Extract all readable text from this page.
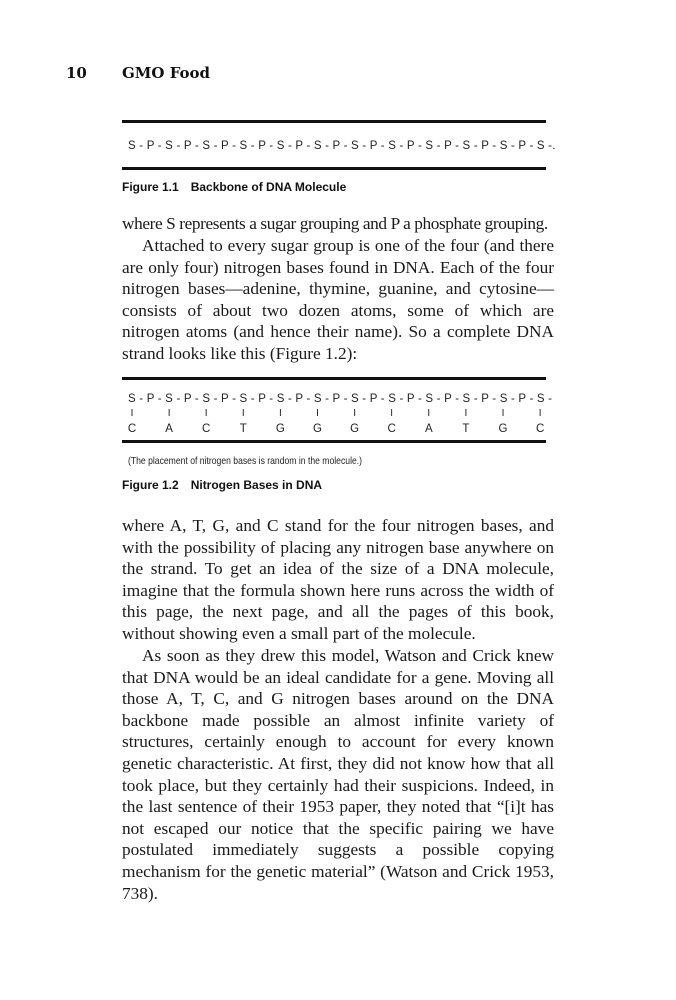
10 GMO Food
S - P - S - P - S - P - S - P - S - P - S - P - S - P - S - P - S - P - S - P - S - P - S -.
Figure 1.1 Backbone of DNA Molecule

where S represents a sugar grouping and P a phosphate grouping.

Attached to every sugar group is one of the four (and there are only four) nitrogen bases found in DNA. Each of the four nitrogen bases—adenine, thymine, guanine, and cytosine—consists of about two dozen atoms, some of which are nitrogen atoms (and hence their name). So a complete DNA strand looks like this (Figure 1.2):

S - P - S - P - S - P - S - P - S - P - S - P - S - P - S - P - S - P - S - P - S - P - S -
I	I	I	I	I	I	I	I	I	I	I	I
C	A	C	T	G G G C	A	T	G C
(The placement of nitrogen bases is random in the molecule.)
Figure 1.2 Nitrogen Bases in DNA

where A, T, G, and C stand for the four nitrogen bases, and with the possibility of placing any nitrogen base anywhere on the strand. To get an idea of the size of a DNA molecule, imagine that the formula shown here runs across the width of this page, the next page, and all the pages of this book, without showing even a small part of the molecule.

As soon as they drew this model, Watson and Crick knew that DNA would be an ideal candidate for a gene. Moving all those A, T, C, and G nitrogen bases around on the DNA backbone made possible an almost infinite variety of structures, certainly enough to account for every known genetic characteristic. At first, they did not know how that all took place, but they certainly had their suspicions. Indeed, in the last sentence of their 1953 paper, they noted that “[i]t has not escaped our notice that the specific pairing we have postulated immediately suggests a possible copying mechanism for the genetic material” (Watson and Crick 1953, 738).
